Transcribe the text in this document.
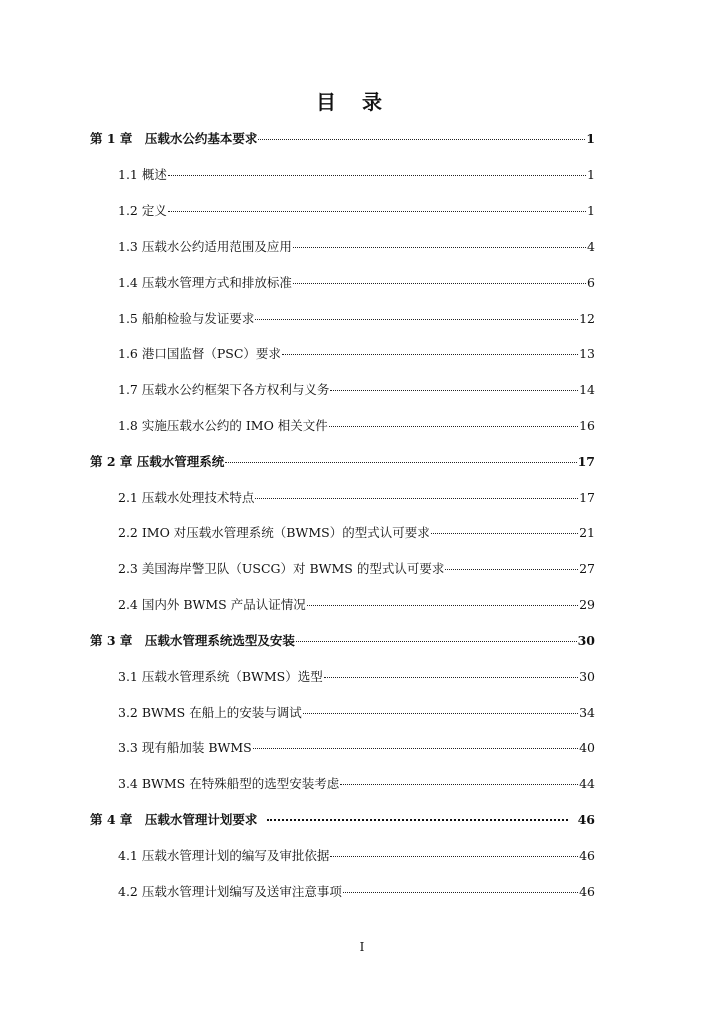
目录
第 1 章　压载水公约基本要求	1
1.1 概述	1
1.2 定义	1
1.3 压载水公约适用范围及应用	4
1.4 压载水管理方式和排放标准	6
1.5 船舶检验与发证要求	12
1.6 港口国监督（PSC）要求	13
1.7 压载水公约框架下各方权利与义务	14
1.8 实施压载水公约的 IMO 相关文件	16
第 2 章 压载水管理系统	17
2.1 压载水处理技术特点	17
2.2 IMO 对压载水管理系统（BWMS）的型式认可要求	21
2.3 美国海岸警卫队（USCG）对 BWMS 的型式认可要求	27
2.4 国内外 BWMS 产品认证情况	29
第 3 章　压载水管理系统选型及安装	30
3.1 压载水管理系统（BWMS）选型	30
3.2 BWMS 在船上的安装与调试	34
3.3 现有船加装 BWMS	40
3.4 BWMS 在特殊船型的选型安装考虑	44
第 4 章　压载水管理计划要求	46
4.1 压载水管理计划的编写及审批依据	46
4.2 压载水管理计划编写及送审注意事项	46
I
